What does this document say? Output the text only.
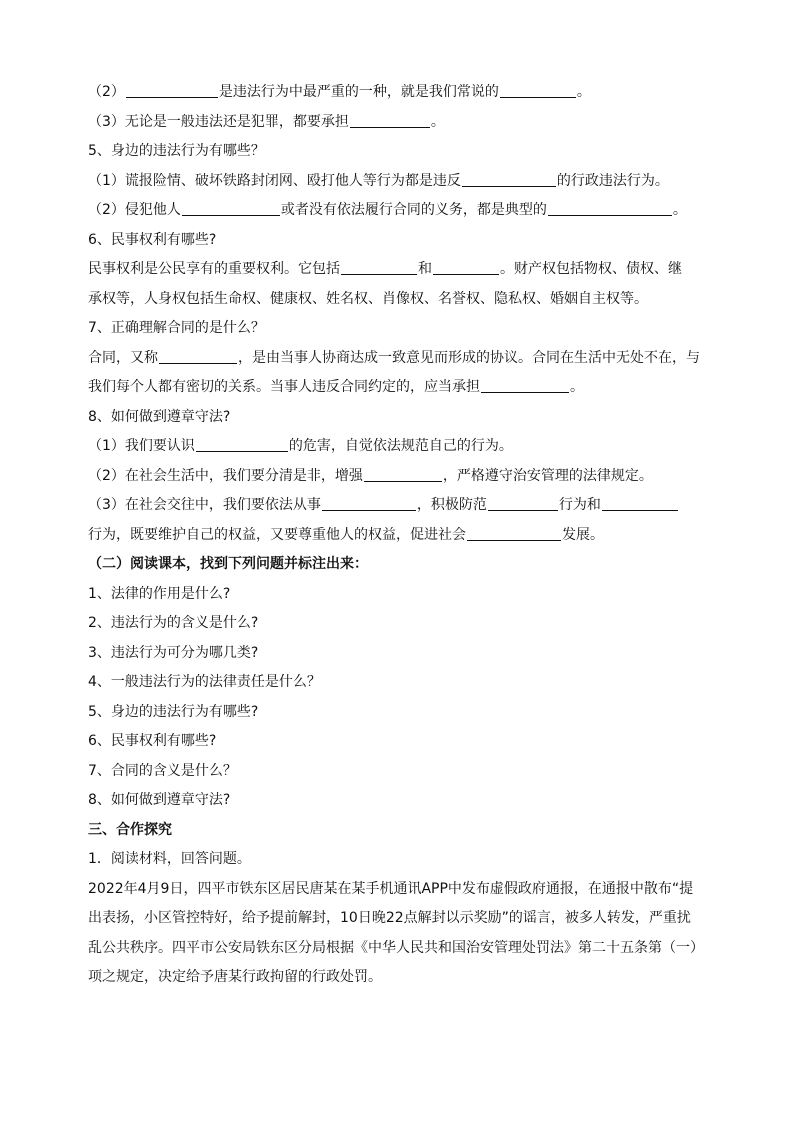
（2）	是违法行为中最严重的一种，就是我们常说的	。
（3）无论是一般违法还是犯罪，都要承担	。
5、身边的违法行为有哪些？
（1）谎报险情、破坏铁路封闭网、殴打他人等行为都是违反	的行政违法行为。
（2）侵犯他人	或者没有依法履行合同的义务，都是典型的	。
6、民事权利有哪些?
民事权利是公民享有的重要权利。它包括	和	。财产权包括物权、债权、继
承权等，人身权包括生命权、健康权、姓名权、肖像权、名誉权、隐私权、婚姻自主权等。
7、正确理解合同的是什么？
合同，又称	，是由当事人协商达成一致意见而形成的协议。合同在生活中无处不在，与
我们每个人都有密切的关系。当事人违反合同约定的，应当承担	。
8、如何做到遵章守法?
（1）我们要认识	的危害，自觉依法规范自己的行为。
（2）在社会生活中，我们要分清是非，增强	，严格遵守治安管理的法律规定。
（3）在社会交往中，我们要依法从事	，积极防范	行为和
行为，既要维护自己的权益，又要尊重他人的权益，促进社会	发展。
（二）阅读课本，找到下列问题并标注出来：
1、法律的作用是什么?
2、违法行为的含义是什么?
3、违法行为可分为哪几类?
4、一般违法行为的法律责任是什么？
5、身边的违法行为有哪些?
6、民事权利有哪些?
7、合同的含义是什么？
8、如何做到遵章守法?
三、合作探究
1．阅读材料，回答问题。
2022年4月9日，四平市铁东区居民唐某在某手机通讯APP中发布虚假政府通报，在通报中散布“提
出表扬，小区管控特好，给予提前解封，10日晚22点解封以示奖励”的谣言，被多人转发，严重扰
乱公共秩序。四平市公安局铁东区分局根据《中华人民共和国治安管理处罚法》第二十五条第（一）
项之规定，决定给予唐某行政拘留的行政处罚。
